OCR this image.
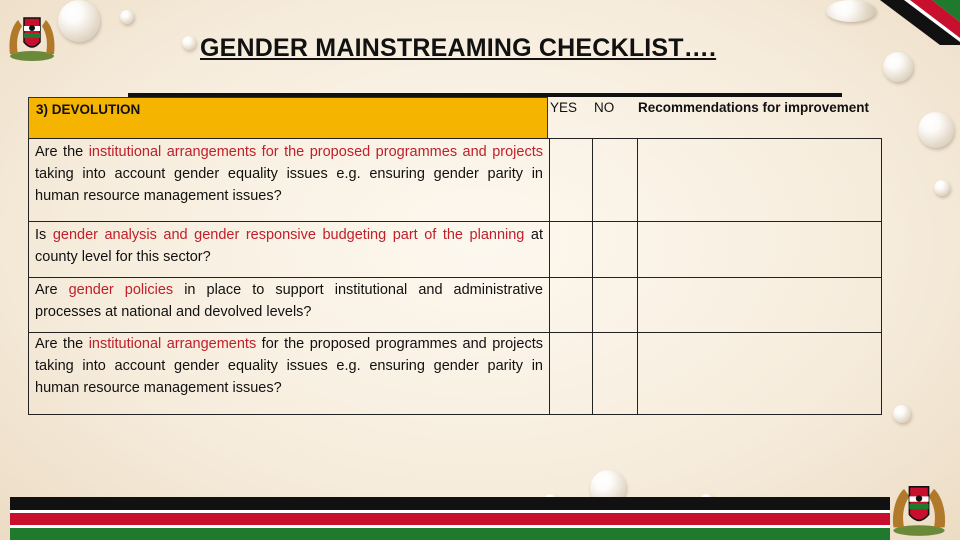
GENDER MAINSTREAMING CHECKLIST….
3) DEVOLUTION	YES NO Recommendations for improvement
Are the institutional arrangements for the proposed programmes and projects taking into account gender equality issues e.g. ensuring gender parity in human resource management issues?
Is gender analysis and gender responsive budgeting part of the planning at county level for this sector?
Are gender policies in place to support institutional and administrative processes at national and devolved levels?
Are the institutional arrangements for the proposed programmes and projects taking into account gender equality issues e.g. ensuring gender parity in human resource management issues?
